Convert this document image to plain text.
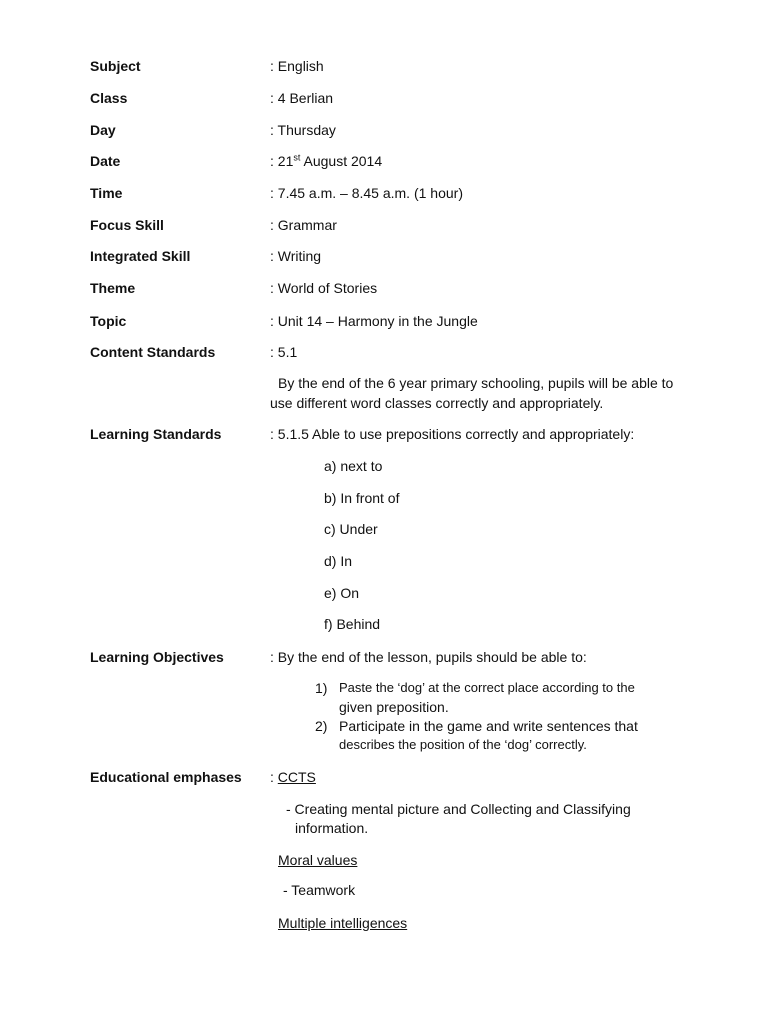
Subject	: English
Class	: 4 Berlian
Day	: Thursday
Date	: 21st August 2014
Time	: 7.45 a.m. – 8.45 a.m. (1 hour)
Focus Skill	: Grammar
Integrated Skill	: Writing
Theme	: World of Stories
Topic	: Unit 14 – Harmony in the Jungle
Content Standards	: 5.1
By the end of the 6 year primary schooling, pupils will be able to
use different word classes correctly and appropriately.
Learning Standards	: 5.1.5 Able to use prepositions correctly and appropriately:
a) next to
b) In front of
c) Under
d) In
e) On
f) Behind
Learning Objectives	: By the end of the lesson, pupils should be able to:
1) Paste the ‘dog’ at the correct place according to the
given preposition.
2) Participate in the game and write sentences that
describes the position of the ‘dog’ correctly.
Educational emphases : CCTS
- Creating mental picture and Collecting and Classifying
information.
Moral values
- Teamwork
Multiple intelligences
